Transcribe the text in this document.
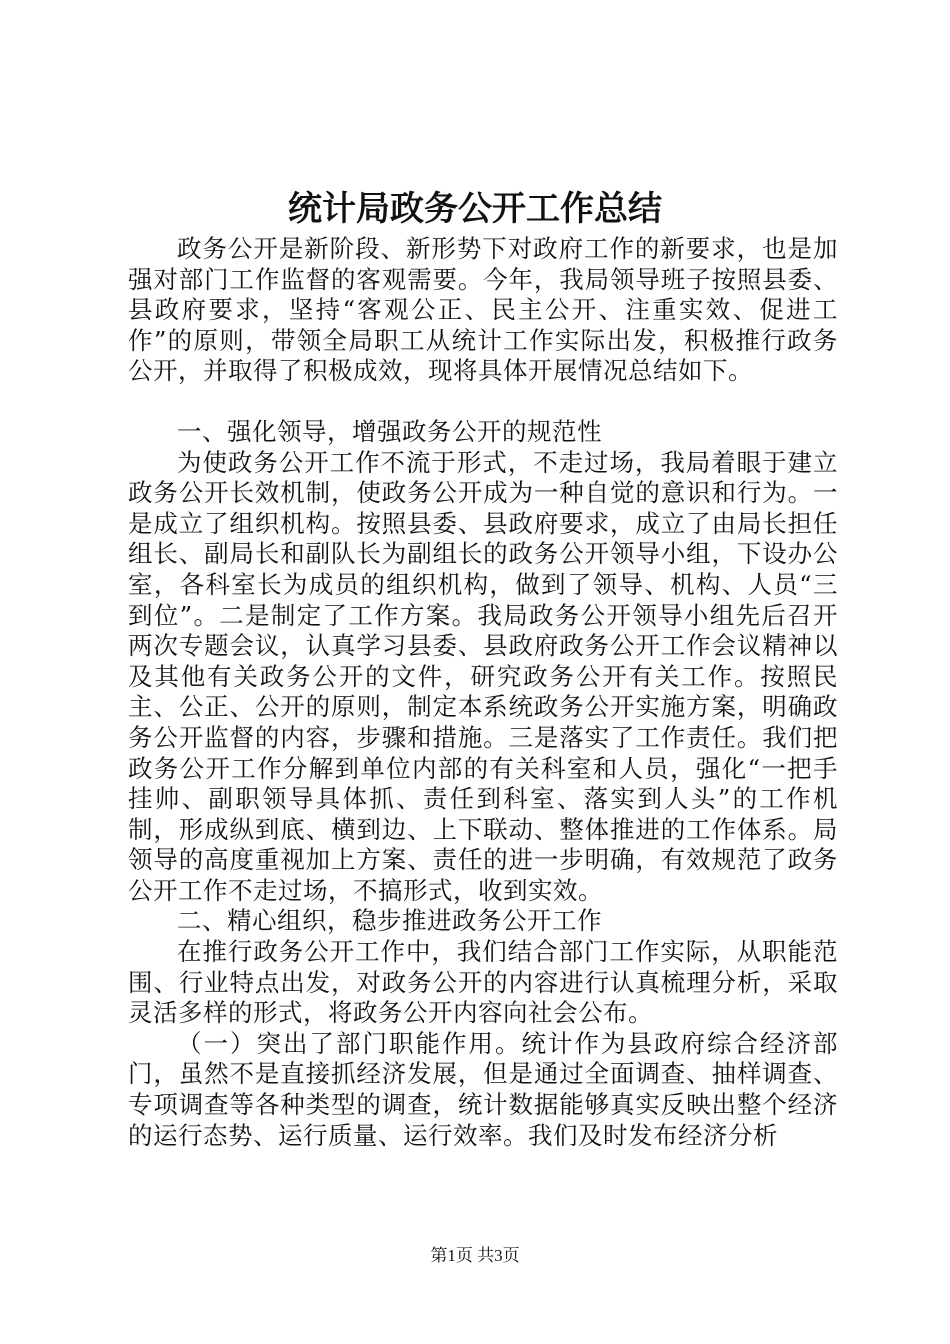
统计局政务公开工作总结

政务公开是新阶段、新形势下对政府工作的新要求，也是加强对部门工作监督的客观需要。今年，我局领导班子按照县委、县政府要求，坚持“客观公正、民主公开、注重实效、促进工作”的原则，带领全局职工从统计工作实际出发，积极推行政务公开，并取得了积极成效，现将具体开展情况总结如下。

一、强化领导，增强政务公开的规范性

为使政务公开工作不流于形式，不走过场，我局着眼于建立政务公开长效机制，使政务公开成为一种自觉的意识和行为。一是成立了组织机构。按照县委、县政府要求，成立了由局长担任组长、副局长和副队长为副组长的政务公开领导小组，下设办公室，各科室长为成员的组织机构，做到了领导、机构、人员“三到位”。二是制定了工作方案。我局政务公开领导小组先后召开两次专题会议，认真学习县委、县政府政务公开工作会议精神以及其他有关政务公开的文件，研究政务公开有关工作。按照民主、公正、公开的原则，制定本系统政务公开实施方案，明确政务公开监督的内容，步骤和措施。三是落实了工作责任。我们把政务公开工作分解到单位内部的有关科室和人员，强化“一把手挂帅、副职领导具体抓、责任到科室、落实到人头”的工作机制，形成纵到底、横到边、上下联动、整体推进的工作体系。局领导的高度重视加上方案、责任的进一步明确，有效规范了政务公开工作不走过场，不搞形式，收到实效。

二、精心组织，稳步推进政务公开工作

在推行政务公开工作中，我们结合部门工作实际，从职能范围、行业特点出发，对政务公开的内容进行认真梳理分析，采取灵活多样的形式，将政务公开内容向社会公布。

（一）突出了部门职能作用。统计作为县政府综合经济部门，虽然不是直接抓经济发展，但是通过全面调查、抽样调查、专项调查等各种类型的调查，统计数据能够真实反映出整个经济的运行态势、运行质量、运行效率。我们及时发布经济分析

第1页 共3页
